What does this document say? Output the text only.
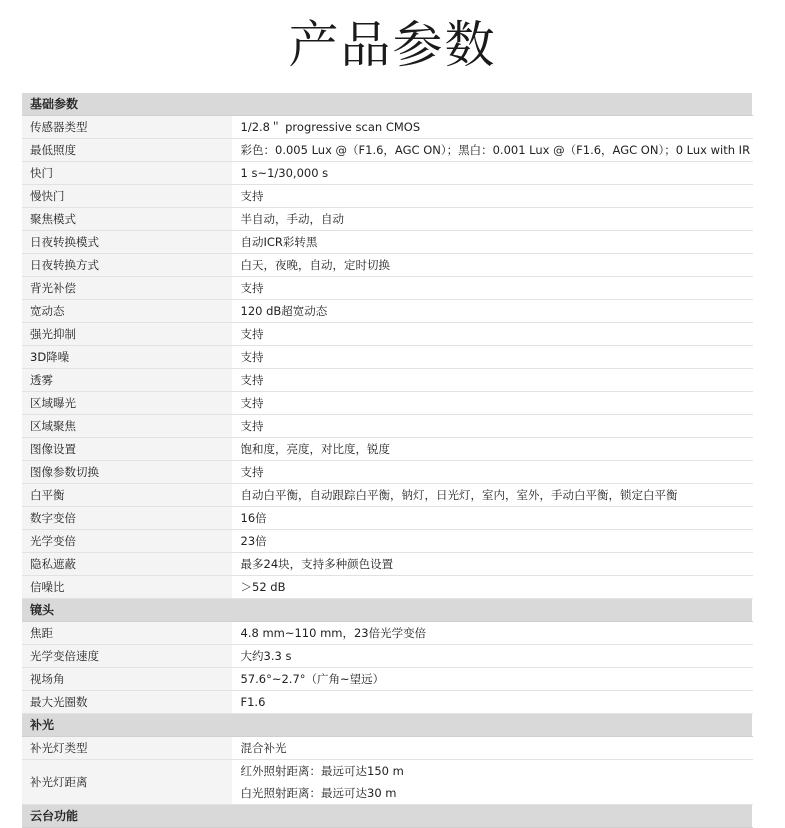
产品参数
基础参数	
传感器类型	1/2.8＂ progressive scan CMOS
最低照度	彩色：0.005 Lux @（F1.6，AGC ON）；黑白：0.001 Lux @（F1.6，AGC ON）；0 Lux with IR
快门	1 s~1/30,000 s
慢快门	支持
聚焦模式	半自动，手动，自动
日夜转换模式	自动ICR彩转黑
日夜转换方式	白天，夜晚，自动，定时切换
背光补偿	支持
宽动态	120 dB超宽动态
强光抑制	支持
3D降噪	支持
透雾	支持
区域曝光	支持
区域聚焦	支持
图像设置	饱和度，亮度，对比度，锐度
图像参数切换	支持
白平衡	自动白平衡，自动跟踪白平衡，钠灯，日光灯，室内，室外，手动白平衡，锁定白平衡
数字变倍	16倍
光学变倍	23倍
隐私遮蔽	最多24块，支持多种颜色设置
信噪比	＞52 dB
镜头	
焦距	4.8 mm~110 mm，23倍光学变倍
光学变倍速度	大约3.3 s
视场角	57.6°~2.7°（广角~望远）
最大光圈数	F1.6
补光	
补光灯类型	混合补光
补光灯距离	红外照射距离：最远可达150 m
白光照射距离：最远可达30 m

云台功能	
